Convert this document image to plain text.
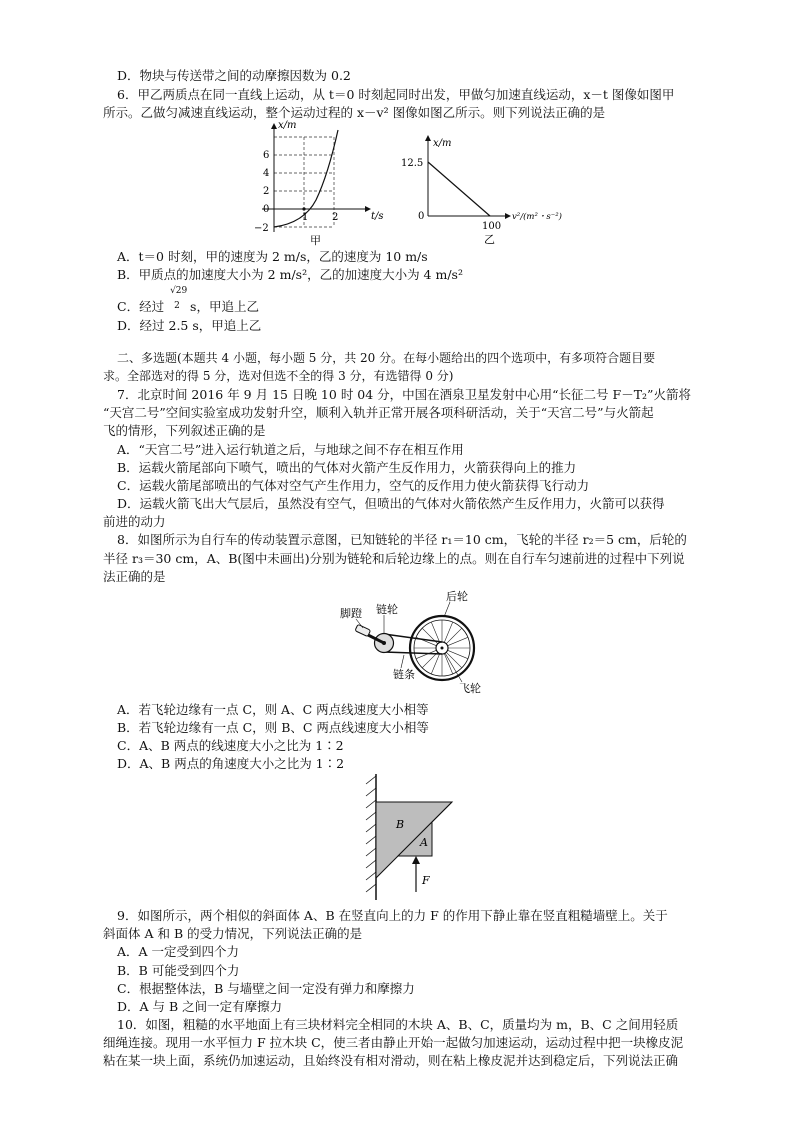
D．物块与传送带之间的动摩擦因数为 0.2
6．甲乙两质点在同一直线上运动，从 t＝0 时刻起同时出发，甲做匀加速直线运动，x－t 图像如图甲
所示。乙做匀减速直线运动，整个运动过程的 x－v² 图像如图乙所示。则下列说法正确的是
x/m
t/s
6
4
2
0
−2
1 2
甲
x/m
v²/(m²・s⁻²)
12.5
0
100
乙
A．t＝0 时刻，甲的速度为 2 m/s，乙的速度为 10 m/s
B．甲质点的加速度大小为 2 m/s²，乙的加速度大小为 4 m/s²
C．经过
√29
2 s，甲追上乙
D．经过 2.5 s，甲追上乙
二、多选题(本题共 4 小题，每小题 5 分，共 20 分。在每小题给出的四个选项中，有多项符合题目要
求。全部选对的得 5 分，选对但选不全的得 3 分，有选错得 0 分)
7．北京时间 2016 年 9 月 15 日晚 10 时 04 分，中国在酒泉卫星发射中心用“长征二号 F－T₂”火箭将
“天宫二号”空间实验室成功发射升空，顺利入轨并正常开展各项科研活动，关于“天宫二号”与火箭起
飞的情形，下列叙述正确的是
A．“天宫二号”进入运行轨道之后，与地球之间不存在相互作用
B．运载火箭尾部向下喷气，喷出的气体对火箭产生反作用力，火箭获得向上的推力
C．运载火箭尾部喷出的气体对空气产生作用力，空气的反作用力使火箭获得飞行动力
D．运载火箭飞出大气层后，虽然没有空气，但喷出的气体对火箭依然产生反作用力，火箭可以获得
前进的动力
8．如图所示为自行车的传动装置示意图，已知链轮的半径 r₁＝10 cm，飞轮的半径 r₂＝5 cm，后轮的
半径 r₃＝30 cm，A、B(图中未画出)分别为链轮和后轮边缘上的点。则在自行车匀速前进的过程中下列说
法正确的是
脚蹬 链轮
后轮
链条
飞轮
A．若飞轮边缘有一点 C，则 A、C 两点线速度大小相等
B．若飞轮边缘有一点 C，则 B、C 两点线速度大小相等
C．A、B 两点的线速度大小之比为 1∶2
D．A、B 两点的角速度大小之比为 1∶2
B
A
F
9．如图所示，两个相似的斜面体 A、B 在竖直向上的力 F 的作用下静止靠在竖直粗糙墙壁上。关于
斜面体 A 和 B 的受力情况，下列说法正确的是
A．A 一定受到四个力
B．B 可能受到四个力
C．根据整体法，B 与墙壁之间一定没有弹力和摩擦力
D．A 与 B 之间一定有摩擦力
10．如图，粗糙的水平地面上有三块材料完全相同的木块 A、B、C，质量均为 m，B、C 之间用轻质
细绳连接。现用一水平恒力 F 拉木块 C，使三者由静止开始一起做匀加速运动，运动过程中把一块橡皮泥
粘在某一块上面，系统仍加速运动，且始终没有相对滑动，则在粘上橡皮泥并达到稳定后，下列说法正确
